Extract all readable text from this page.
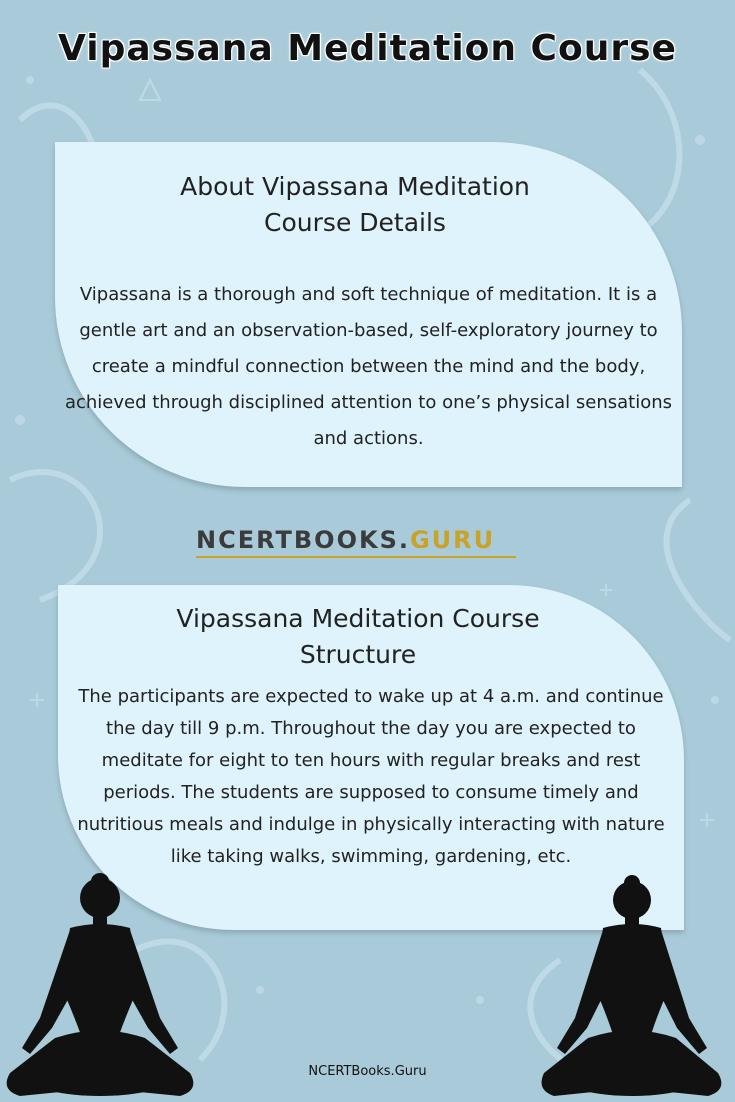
Vipassana Meditation Course
About Vipassana Meditation
Course Details
Vipassana is a thorough and soft technique of meditation. It is a gentle art and an observation-based, self-exploratory journey to create a mindful connection between the mind and the body, achieved through disciplined attention to one’s physical sensations and actions.
NCERTBOOKS.GURU
Vipassana Meditation Course
Structure
The participants are expected to wake up at 4 a.m. and continue the day till 9 p.m. Throughout the day you are expected to meditate for eight to ten hours with regular breaks and rest periods. The students are supposed to consume timely and nutritious meals and indulge in physically interacting with nature like taking walks, swimming, gardening, etc.
NCERTBooks.Guru
